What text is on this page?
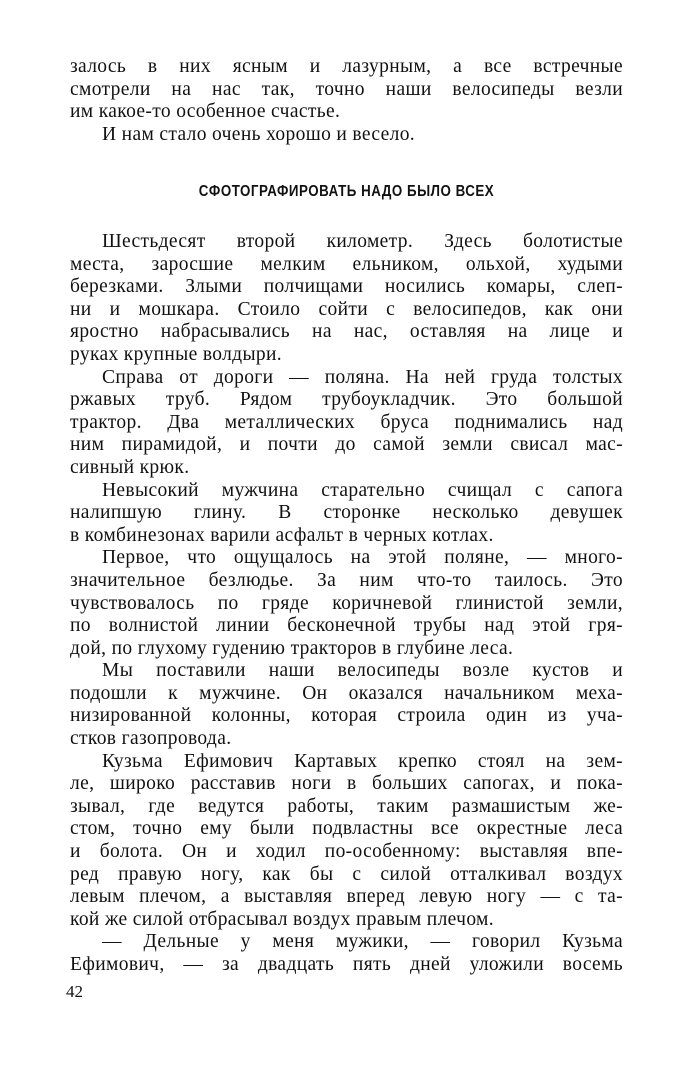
залось в них ясным и лазурным, а все встречные
смотрели на нас так, точно наши велосипеды везли
им какое-то особенное счастье.
И нам стало очень хорошо и весело.
СФОТОГРАФИРОВАТЬ НАДО БЫЛО ВСЕХ
Шестьдесят второй километр. Здесь болотистые
места, заросшие мелким ельником, ольхой, худыми
березками. Злыми полчищами носились комары, слеп-
ни и мошкара. Стоило сойти с велосипедов, как они
яростно набрасывались на нас, оставляя на лице и
руках крупные волдыри.
Справа от дороги — поляна. На ней груда толстых
ржавых труб. Рядом трубоукладчик. Это большой
трактор. Два металлических бруса поднимались над
ним пирамидой, и почти до самой земли свисал мас-
сивный крюк.
Невысокий мужчина старательно счищал с сапога
налипшую глину. В сторонке несколько девушек
в комбинезонах варили асфальт в черных котлах.
Первое, что ощущалось на этой поляне, — много-
значительное безлюдье. За ним что-то таилось. Это
чувствовалось по гряде коричневой глинистой земли,
по волнистой линии бесконечной трубы над этой гря-
дой, по глухому гудению тракторов в глубине леса.
Мы поставили наши велосипеды возле кустов и
подошли к мужчине. Он оказался начальником меха-
низированной колонны, которая строила один из уча-
стков газопровода.
Кузьма Ефимович Картавых крепко стоял на зем-
ле, широко расставив ноги в больших сапогах, и пока-
зывал, где ведутся работы, таким размашистым же-
стом, точно ему были подвластны все окрестные леса
и болота. Он и ходил по-особенному: выставляя впе-
ред правую ногу, как бы с силой отталкивал воздух
левым плечом, а выставляя вперед левую ногу — с та-
кой же силой отбрасывал воздух правым плечом.
— Дельные у меня мужики, — говорил Кузьма
Ефимович, — за двадцать пять дней уложили восемь
42
